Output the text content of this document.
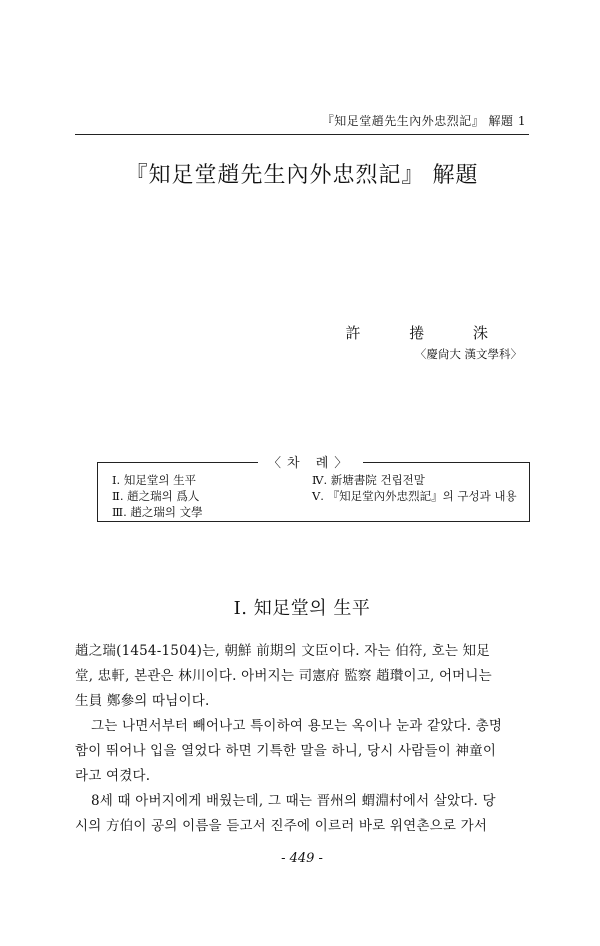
『知足堂趙先生內外忠烈記』 解題 1
『知足堂趙先生內外忠烈記』 解題
許 捲 洙
〈慶尙大 漢文學科〉
〈차 례〉
Ⅰ. 知足堂의 生平
Ⅱ. 趙之瑞의 爲人
Ⅲ. 趙之瑞의 文學
Ⅳ. 新塘書院 건립전말
Ⅴ. 『知足堂內外忠烈記』의 구성과 내용
Ⅰ. 知足堂의 生平
趙之瑞(1454-1504)는, 朝鮮 前期의 文臣이다. 자는 伯符, 호는 知足
堂, 忠軒, 본관은 林川이다. 아버지는 司憲府 監察 趙瓚이고, 어머니는
生員 鄭參의 따님이다.
그는 나면서부터 빼어나고 특이하여 용모는 옥이나 눈과 같았다. 총명
함이 뛰어나 입을 열었다 하면 기특한 말을 하니, 당시 사람들이 神童이
라고 여겼다.
8세 때 아버지에게 배웠는데, 그 때는 晋州의 蝟淵村에서 살았다. 당
시의 方伯이 공의 이름을 듣고서 진주에 이르러 바로 위연촌으로 가서
- 449 -
